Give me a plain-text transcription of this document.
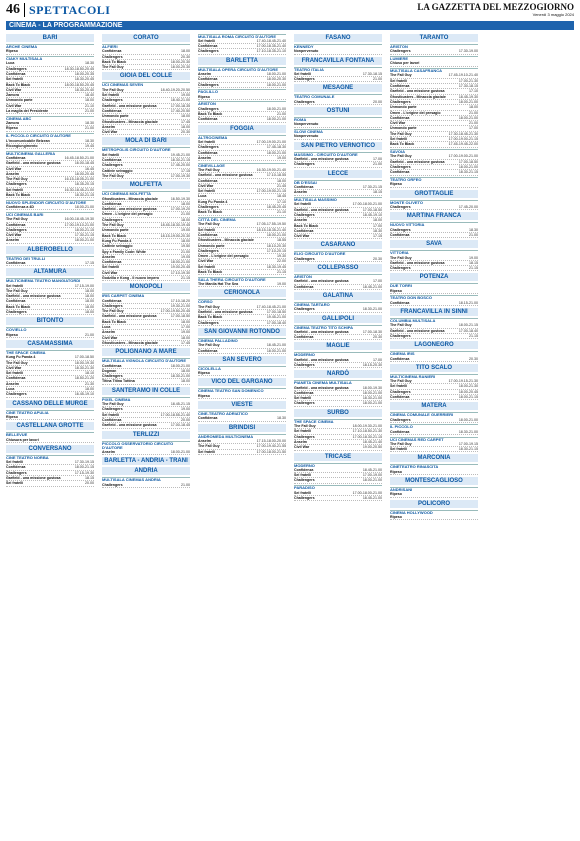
46 SPETTACOLI	LA GAZZETTA DEL MEZZOGIORNO
Venerdì 3 maggio 2024
CINEMA - LA PROGRAMMAZIONE
BARI
ARCHE CINEMA
Ripeso
CIAKY MULTISALA
Luca	18.30
Challengers	18.30-18.50-20.45
Confidenza	18.00-20.35
Sei fratelli	18.30-20.45
Back To Black	18.00-18.50-20.45
Civil War	18.30-20.40
Zamora	18.40
Unmondo parte	18.00
Civil War	21.10
La maglia del Presidente	21.00
CINEMA ABC
Zamora	18.30
Ripeso	21.00
IL PICCOLO CIRCUITO D'AUTORE
L'incomunicabile Belzean	18.30
Ricongiungimento	19.45
MULTICINEMA GALLERIA
Confidenza	16.45-18.50-21.00
Garfield - una missione gustosa	16.00-18.45
Civil War	16.45
Anselm	18.00-20.45
The Fall Guy	16.15-18.05-21.00
Challengers	18.35-20.15
Sei fratelli	16.30-18.45-21.00
Back To Black	18.30-21.15
NUOVO SPLENDOR CIRCUITO D'AUTORE
Confidenza a 4D	18.00-21.00
UCI CINEMAS BARI
The Fall Guy	16.00-18.45-19.30
Confidenza	17.00-19.10-21.00
Challengers	18.00-21.15
Civil War	17.30-21.15
Anselm	18.00-21.00
ALBEROBELLO
TEATRO DEI TRULLI
Confidenza	17.15
ALTAMURA
MULTICINEMA TEATRO MANGIATORDI
Sei fratelli	17.15-19.00
The Fall Guy	18.00
Garfield - una missione gustosa	18.00
Confidenza	18.00
Back To Black	18.00
Challengers	18.00
BITONTO
COVIELLO
Ripeso	21.00
CASAMASSIMA
THE SPACE CINEMA
Kung Fu Panda 4	17.00-18.50
The Fall Guy	18.00-19.30
Civil War	18.30-21.30
Sei fratelli	18.10
Confidenza	18.50-21.20
Anselm	21.30
Luca	18.00
Challengers	16.45-19.10
CASSANO DELLE MURGE
CINE TEATRO APULIA
Ripeso
CASTELLANA GROTTE
BELLEVUE
Chiusura per lavori
CONVERSANO
CINE TEATRO NORBA
Sei fratelli	17.30-19.15
Confidenza	18.00-21.15
Challengers	17.15-19.30
Garfield - una missione gustosa	18.15
Sei fratelli	20.00
CORATO
ALFIERI
Confidenza	18.00
Challengers	20.30
Back To Black	18.00-20.30
The Fall Guy	18.00-20.30
GIOIA DEL COLLE
UCI CINEMAS SEVEN
The Fall Guy	18.40-19.20-20.50
Sei fratelli	19.00
Challengers	18.40-21.00
Garfield - una missione gustosa	17.00-18.35
Confidenza	17.40-20.50
Unmondo parte	18.00
Ghostbusters - Minaccia glaciale	17.45
Anselm	18.00
Civil War	20.30
MOLA DI BARI
METROPOLIS CIRCUITO D'AUTORE
Sei fratelli	19.45-21.00
Confidenza	18.30-21.15
Challengers	17.45-20.00
Cattivie selvaggio	17.15
The Fall Guy	17.00-19.30
MOLFETTA
UCI CINEMAS MOLFETTA
Ghostbusters - Minaccia glaciale	16.50-19.30
Confidenza	18.00
Garfield - una missione gustosa	17.00-19.20
Omen - L'origine del presagio	21.00
Challengers	18.00
The Fall Guy	18.45-18.30-19.45
Unmondo parte	19.00
Back To Black	18.15-19.00-20.30
Kung Fu Panda 4	18.00
Cattivie selvaggio	19.50
Spy x Family Code: White	21.00
Anselm	19.05
Confidenza	18.00-21.00
Sei fratelli	19.00-20.45
Civil War	17.10-19.30
Godzilla e Kong - Il nuovo impero	21.15
MONOPOLI
IRIS CARPET CINEMA
Confidenza	17.10-18.20
Challengers	19.30-21.00
The Fall Guy	17.00-19.50-20.45
Garfield - una missione gustosa	17.00-18.50
Back To Black	18.00
Luca	17.00
Anselm	19.00
Civil War	18.00
Ghostbusters - Minaccia glaciale	17.45
POLIGNANO A MARE
MULTISALA VIGNOLA CIRCUITO D'AUTORE
Confidenza	18.00-21.00
Dogman	18.00
Challengers	18.30-21.00
Titina Titina Tottina	18.00
SANTERAMO IN COLLE
PIXEL CINEMA
The Fall Guy	18.45-21.15
Challengers	19.00
Sei fratelli	17.00-18.55-21.40
Confidenza	20.00
Garfield - una missione gustosa	17.00-18.45
TERLIZZI
PICCOLO OSSERVATORIO CIRCUITO D'AUTORE
Anselm	18.00-21.00
BARLETTA - ANDRIA - TRANI
ANDRIA
MULTISALA CINEMAS ANDRIA
Challengers	21.00
MULTISALA ROMA CIRCUITO D'AUTORE
Sei fratelli	17.40-18.45-21.40
Confidenza	17.00-18.35-21.40
Challengers	17.10-18.35-21.10
BARLETTA
MULTISALA OPERA CIRCUITO D'AUTORE
Anselm	18.00-21.00
Confidenza	18.00-20.30
Challengers	18.00-21.00
PAOLILLO
Ripeso
ARISTON
Challengers	18.00-21.00
Back To Black	21.00
Confidenza	18.00-21.00
FOGGIA
ALTROCINEMA
Sei fratelli	17.00-19.00-21.00
Challengers	17.45-18.30
Confidenza	18.00-21.00
Anselm	19.00
CINEVILLAGE
The Fall Guy	16.30-19.00-21.40
Garfield - una missione gustosa	17.10-18.55
Confidenza	18.00
Civil War	21.45
Sei fratelli	17.00-19.00-21.15
Luca	18.45
Kung Fu Panda 4	17.10
Challengers	18.45-20.45
Back To Black	21.10
CITTÀ DEL CINEMA
The Fall Guy	17.05-17.55-19.50
Sei fratelli	18.15-18.35-21.40
Confidenza	18.00-21.00
Ghostbusters - Minaccia glaciale	18.55
Unmondo parte	18.10-20.30
Challengers	17.10-20.15
Omen - L'origine del presagio	19.30
Civil War	22.00
Sei fratelli	18.30-19.45
Back To Black	21.15
SALA THERA CIRCUITO D'AUTORE
The Manila Hat The Sea	19.00
CERIGNOLA
CORSO
The Fall Guy	17.40-18.45-21.00
Garfield - una missione gustosa	17.00-18.50
Back To Black	19.45-21.00
Challengers	17.00-18.40
SAN GIOVANNI ROTONDO
CINEMA PALLADINO
The Fall Guy	18.45-21.00
Confidenza	18.00-21.00
SAN SEVERO
CICOLELLA
Ripeso
VICO DEL GARGANO
CINEMA TEATRO SAN DOMENICO
Ripeso
VIESTE
CINE-TEATRO ADRIATICO
Confidenza	18.30
BRINDISI
ANDROMEDA MULTICINEMA
Anselm	17.15-18.00-20.00
The Fall Guy	17.00-19.40-21.55
Sei fratelli	17.00-18.00-21.50
FASANO
KENNEDY
Nonpervenuto
FRANCAVILLA FONTANA
TEATRO ITALIA
Sei fratelli	17.30-18.15
Challengers	21.00
MESAGNE
TEATRO COMUNALE
Challengers	20.00
OSTUNI
ROMA
Nonpervenuto
SLOW CINEMA
Nonpervenuto
SAN PIETRO VERNOTICO
MASSIMO - CIRCUITO D'AUTORE
Garfield - una missione gustosa	17.00
Challengers	21.00
LECCE
DB D'ESSAI
Confidenza	17.30-21.15
Anselm	18.15
MULTISALA MASSIMO
Sei fratelli	17.00-18.00-21.00
Garfield - una missione gustosa	17.00-18.50
Challengers	18.45-19.10
Anselm	18.00
Back To Black	17.00
Confidenza	18.30
Civil War	17.15
CASARANO
ELIO CIRCUITO D'AUTORE
Challengers	20.30
COLLEPASSO
ARISTON
Garfield - una missione gustosa	17.00
Confidenza	18.45-21.00
GALATINA
CINEMA TARTARO
Challengers	18.30-21.00
GALLIPOLI
CINEMA TEATRO TITO SCHIPA
Garfield - una missione gustosa	17.00-18.30
Confidenza	20.30
MAGLIE
MODERNO
Garfield - una missione gustosa	17.00
Challengers	18.15-20.30
NARDÒ
PIANETA CINEMA MULTISALA
Garfield - una missione gustosa	18.00-19.30
Confidenza	18.00-21.00
Sei fratelli	18.30-21.00
Challengers	18.00-21.00
SURBO
THE SPACE CINEMA
The Fall Guy	18.00-19.30-21.00
Sei fratelli	17.10-18.50-21.30
Challengers	17.00-18.30-21.15
Anselm	18.45-21.40
Civil War	19.00-20.50
TRICASE
MODERNO
Confidenza	18.45-21.00
Sei fratelli	17.00-19.00
Challengers	18.00-21.00
PARADISO
Sei fratelli	17.00-18.00-21.00
Challengers	18.45-21.00
TARANTO
ARISTON
Challengers	17.30-19.00
LUMIERE
Chiuso per lavori
MULTISALA CASAFRANCA
The Fall Guy	17.45-19.10-21.40
Sei fratelli	17.00-21.30
Confidenza	17.30-18.15
Garfield - una missione gustosa	17.10
Ghostbusters - Minaccia glaciale	18.45-19.30
Challengers	18.00-21.00
Unmondo parte	18.00
Omen - L'origine del presagio	21.00
Confidenza	18.00-21.00
Civil War	21.00
Unmondo parte	17.00
The Fall Guy	17.30-18.45-21.30
Sei fratelli	17.00-19.00-21.15
Back To Black	17.45-19.45-22.00
SAVOIA
The Fall Guy	17.00-19.00-21.00
Garfield - una missione gustosa	17.00-18.50
Challengers	18.00-21.00
Confidenza	18.30-21.15
TEATRO ORFEO
Ripeso
GROTTAGLIE
MONTE OLIVETO
Challengers	17.45-20.00
MARTINA FRANCA
NUOVO VITTORIA
Challengers	18.30
Confidenza	21.00
SAVA
VITTORIA
The Fall Guy	19.00
Garfield - una missione gustosa	18.15
Challengers	21.15
POTENZA
DUE TORRI
Ripeso
TEATRO DON BOSCO
Confidenza	18.15-21.00
FRANCAVILLA IN SINNI
COLUMBIA MULTISALA
The Fall Guy	18.00-21.15
Garfield - una missione gustosa	17.00-18.40
Challengers	21.15
LAGONEGRO
CINEMA IRIS
Confidenza	20.30
TITO SCALO
MULTICINEMA RANIERI
The Fall Guy	17.00-19.15-21.30
Sei fratelli	18.00-21.30
Challengers	18.00-20.45
Confidenza	18.00-21.15
MATERA
CINEMA COMUNALE GUERRIERI
Challengers	18.00-21.00
IL PICCOLO
Confidenza	18.30-21.00
UCI CINEMAS RED CARPET
The Fall Guy	17.00-19.15
Sei fratelli	18.30-21.15
MARCONIA
CINETEATRO RINASCITA
Ripeso
MONTESCAGLIOSO
ANDRISANI
Ripeso
POLICORO
CINEMA HOLLYWOOD
Ripeso
